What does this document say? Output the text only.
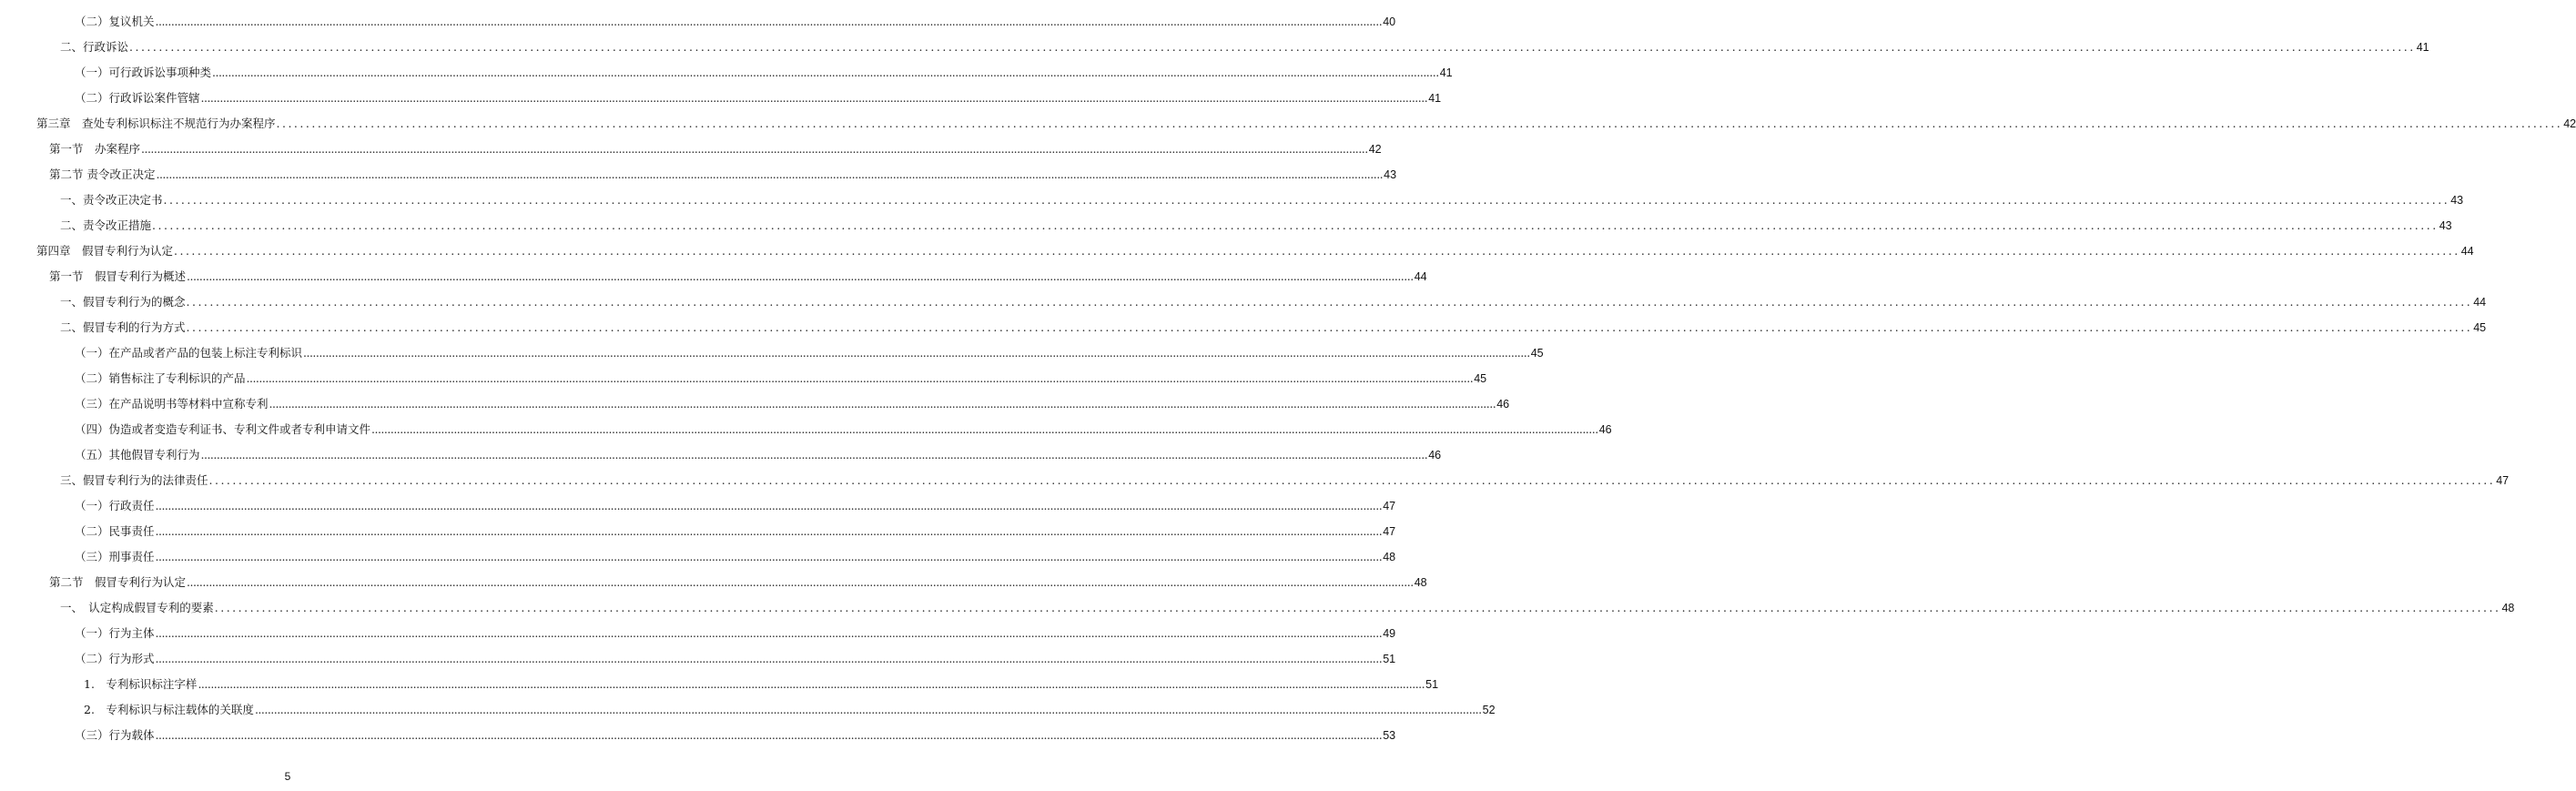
（二）复议机关 .................................................................................................................................................................................................................................................................................................................................................................................................... 40
二、行政诉讼 .................................................................................................................................................................................................................................................................................................................................................................................................... 41
（一）可行政诉讼事项种类 .................................................................................................................................................................................................................................................................................................................................................................................................... 41
（二）行政诉讼案件管辖 .................................................................................................................................................................................................................................................................................................................................................................................................... 41
第三章　查处专利标识标注不规范行为办案程序 .................................................................................................................................................................................................................................................................................................................................................................................................... 42
第一节　办案程序 .................................................................................................................................................................................................................................................................................................................................................................................................... 42
第二节 责令改正决定 .................................................................................................................................................................................................................................................................................................................................................................................................... 43
一、责令改正决定书 .................................................................................................................................................................................................................................................................................................................................................................................................... 43
二、责令改正措施 .................................................................................................................................................................................................................................................................................................................................................................................................... 43
第四章　假冒专利行为认定 .................................................................................................................................................................................................................................................................................................................................................................................................... 44
第一节　假冒专利行为概述 .................................................................................................................................................................................................................................................................................................................................................................................................... 44
一、假冒专利行为的概念 .................................................................................................................................................................................................................................................................................................................................................................................................... 44
二、假冒专利的行为方式 .................................................................................................................................................................................................................................................................................................................................................................................................... 45
（一）在产品或者产品的包装上标注专利标识 .................................................................................................................................................................................................................................................................................................................................................................................................... 45
（二）销售标注了专利标识的产品 .................................................................................................................................................................................................................................................................................................................................................................................................... 45
（三）在产品说明书等材料中宣称专利 .................................................................................................................................................................................................................................................................................................................................................................................................... 46
（四）伪造或者变造专利证书、专利文件或者专利申请文件 .................................................................................................................................................................................................................................................................................................................................................................................................... 46
（五）其他假冒专利行为 .................................................................................................................................................................................................................................................................................................................................................................................................... 46
三、假冒专利行为的法律责任 .................................................................................................................................................................................................................................................................................................................................................................................................... 47
（一）行政责任 .................................................................................................................................................................................................................................................................................................................................................................................................... 47
（二）民事责任 .................................................................................................................................................................................................................................................................................................................................................................................................... 47
（三）刑事责任 .................................................................................................................................................................................................................................................................................................................................................................................................... 48
第二节　假冒专利行为认定 .................................................................................................................................................................................................................................................................................................................................................................................................... 48
一、　认定构成假冒专利的要素 .................................................................................................................................................................................................................................................................................................................................................................................................... 48
（一）行为主体 .................................................................................................................................................................................................................................................................................................................................................................................................... 49
（二）行为形式 .................................................................................................................................................................................................................................................................................................................................................................................................... 51
1.　专利标识标注字样 .................................................................................................................................................................................................................................................................................................................................................................................................... 51
2.　专利标识与标注载体的关联度 .................................................................................................................................................................................................................................................................................................................................................................................................... 52
（三）行为载体 .................................................................................................................................................................................................................................................................................................................................................................................................... 53
5
